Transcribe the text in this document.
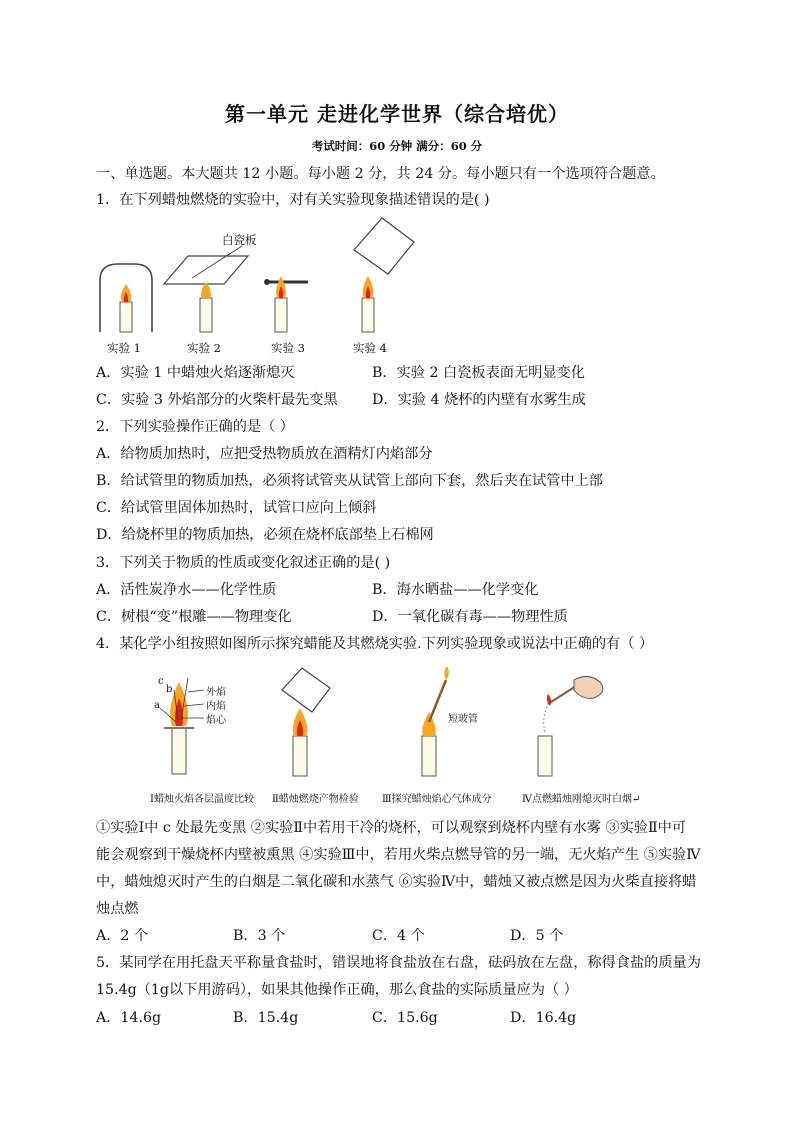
第一单元 走进化学世界（综合培优）
考试时间：60 分钟 满分：60 分
一、单选题。本大题共 12 小题。每小题 2 分，共 24 分。每小题只有一个选项符合题意。
1．在下列蜡烛燃烧的实验中，对有关实验现象描述错误的是( )
白瓷板
实验 1	实验 2	实验 3	实验 4
A．实验 1 中蜡烛火焰逐渐熄灭	B．实验 2 白瓷板表面无明显变化
C．实验 3 外焰部分的火柴杆最先变黑 D．实验 4 烧杯的内壁有水雾生成
2．下列实验操作正确的是（ ）
A．给物质加热时，应把受热物质放在酒精灯内焰部分
B．给试管里的物质加热，必须将试管夹从试管上部向下套，然后夹在试管中上部
C．给试管里固体加热时，试管口应向上倾斜
D．给烧杯里的物质加热，必须在烧杯底部垫上石棉网
3．下列关于物质的性质或变化叙述正确的是( )
A．活性炭净水——化学性质	B．海水晒盐——化学变化
C．树根“变”根雕——物理变化	D．一氧化碳有毒——物理性质
4．某化学小组按照如图所示探究蜡能及其燃烧实验.下列实验现象或说法中正确的有（ ）
c
b
a
外焰
内焰
焰心	短玻管
Ⅰ蜡烛火焰各层温度比较 Ⅱ蜡烛燃烧产物检验 Ⅲ探究蜡烛焰心气体成分	Ⅳ点燃蜡烛刚熄灭时白烟↵
①实验Ⅰ中 c 处最先变黑 ②实验Ⅱ中若用干冷的烧杯，可以观察到烧杯内壁有水雾 ③实验Ⅱ中可
能会观察到干燥烧杯内壁被熏黑 ④实验Ⅲ中，若用火柴点燃导管的另一端，无火焰产生 ⑤实验Ⅳ
中，蜡烛熄灭时产生的白烟是二氧化碳和水蒸气 ⑥实验Ⅳ中，蜡烛又被点燃是因为火柴直接将蜡
烛点燃
A．2 个	B．3 个	C．4 个	D．5 个
5．某同学在用托盘天平称量食盐时，错误地将食盐放在右盘，砝码放在左盘，称得食盐的质量为
15.4g（1g以下用游码），如果其他操作正确，那么食盐的实际质量应为（ ）
A．14.6g	B．15.4g	C．15.6g	D．16.4g
